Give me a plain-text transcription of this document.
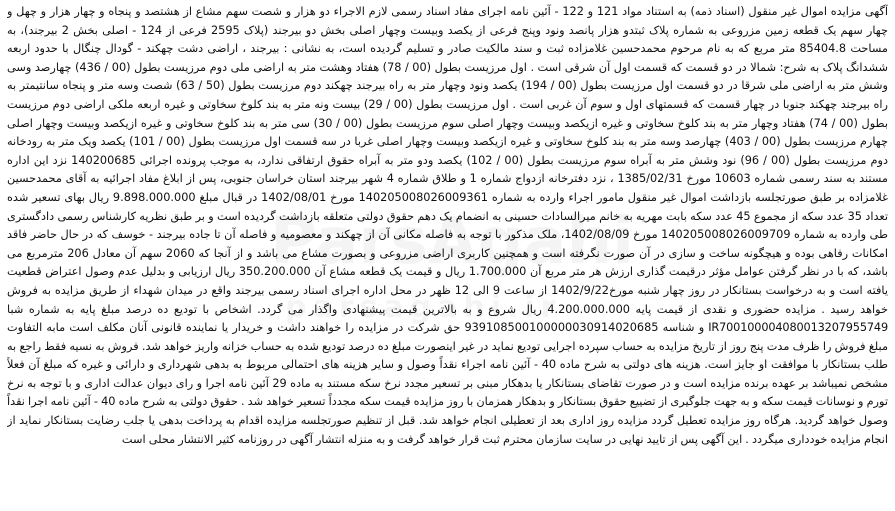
آگهی مزایده اموال غیر منقول (اسناد ذمه) به استناد مواد 121 و 122 - آئین نامه اجرای مفاد اسناد رسمی لازم الاجراء دو هزار و شصت سهم مشاع از هشتصد و پنجاه و چهار هزار و چهل و چهار سهم یک قطعه زمین مزروعی به شماره پلاک ثبتدو هزار پانصد ونود وپنج فرعی از یکصد وبیست وچهار اصلی بخش دو بیرجند (پلاک 2595 فرعی از 124 - اصلی بخش 2 بیرجند)، به مساحت 85404.8 متر مربع که به نام مرحوم محمدحسین غلامزاده ثبت و سند مالکیت صادر و تسلیم گردیده است، به نشانی : بیرجند ، اراضی دشت چهکند - گودال چنگال با حدود اربعه ششدانگ پلاک به شرح: شمالا در دو قسمت که قسمت اول آن شرقی است . اول مرزیست بطول (00 / 78) هفتاد وهشت متر به اراضی ملی دوم مرزیست بطول (00 / 436) چهارصد وسی وشش متر به اراضی ملی شرقا در دو قسمت اول مرزیست بطول (00 / 194) یکصد ونود وچهار متر به راه بیرجند چهکند دوم مرزیست بطول (50 / 63) شصت وسه متر و پنجاه سانتیمتر به راه بیرجند چهکند جنوبا در چهار قسمت که قسمتهای اول و سوم آن غربی است . اول مرزیست بطول (00 / 29) بیست ونه متر به بند کلوخ سخاوتی و غیره اربعه ملکی اراضی دوم مرزیست بطول (00 / 74) هفتاد وچهار متر به بند کلوخ سخاوتی و غیره ازیکصد وبیست وچهار اصلی سوم مرزیست بطول (00 / 30) سی متر به بند کلوخ سخاوتی و غیره ازیکصد وبیست وچهار اصلی چهارم مرزیست بطول (00 / 403) چهارصد وسه متر به بند کلوخ سخاوتی و غیره ازیکصد وبیست وچهار اصلی غربا در سه قسمت اول مرزیست بطول (00 / 101) یکصد ویک متر به رودخانه دوم مرزیست بطول (00 / 96) نود وشش متر به آبراه سوم مرزیست بطول (00 / 102) یکصد ودو متر به آبراه حقوق ارتفاقی ندارد، به موجب پرونده اجرائی 140200685 نزد این اداره مستند به سند رسمی شماره 10603 مورخ 1385/02/31 ، نزد دفترخانه ازدواج شماره 1 و طلاق شماره 4 شهر بیرجند استان خراسان جنوبی، پس از ابلاغ مفاد اجرائیه به آقای محمدحسین غلامزاده بر طبق صورتجلسه بازداشت اموال غیر منقول مامور اجراء وارده به شماره 140205008026009361 مورخ 1402/08/01 در قبال مبلغ 9.898.000.000 ریال بهای تسعیر شده تعداد 35 عدد سکه از مجموع 45 عدد سکه بابت مهریه به خانم میرالسادات حسینی به انضمام یک دهم حقوق دولتی متعلقه بازداشت گردیده است و بر طبق نظریه کارشناس رسمی دادگستری طی وارده به شماره 140205008026009709 مورخ 1402/08/09، ملک مذکور با توجه به فاصله مکانی آن از چهکند و معصومیه و فاصله آن تا جاده بیرجند - خوسف که در حال حاضر فاقد امکانات رفاهی بوده و هیچگونه ساخت و سازی در آن صورت نگرفته است و همچنین کاربری اراضی مزروعی و بصورت مشاع می باشد و از آنجا که 2060 سهم آن معادل 206 مترمربع می باشد، که با در نظر گرفتن عوامل مؤثر درقیمت گذاری ارزش هر متر مربع آن 1.700.000 ریال و قیمت یک قطعه مشاع آن 350.200.000 ریال ارزیابی و بدلیل عدم وصول اعتراض قطعیت یافته است و به درخواست بستانکار در روز چهار شنبه مورخ1402/9/22 از ساعت 9 الی 12 ظهر در محل اداره اجرای اسناد رسمی بیرجند واقع در میدان شهداء از طریق مزایده به فروش خواهد رسید . مزایده حضوری و نقدی از قیمت پایه 4.200.000.000 ریال شروع و به بالاترین قیمت پیشنهادی واگذار می گردد. اشخاص با تودیع ده درصد مبلغ پایه به شماره شبا IR700100004080013207955749 و شناسه 939108500100000030914020685 حق شرکت در مزایده را خواهند داشت و خریدار یا نماینده قانونی آنان مکلف است مابه التفاوت مبلغ فروش را ظرف مدت پنج روز از تاریخ مزایده به حساب سپرده اجرایی تودیع نماید در غیر اینصورت مبلغ ده درصد تودیع شده به حساب خزانه واریز خواهد شد. فروش به نسیه فقط راجع به طلب بستانکار با موافقت او جایز است. هزینه های دولتی به شرح ماده 40 - آئین نامه اجراء نقداً وصول و سایر هزینه های احتمالی مربوط به بدهی شهرداری و دارائی و غیره که مبلغ آن فعلاً مشخص نمیباشد بر عهده برنده مزایده است و در صورت تقاضای بستانکار یا بدهکار مبنی بر تسعیر مجدد نرخ سکه مستند به ماده 29 آئین نامه اجرا و رای دیوان عدالت اداری و با توجه به نرخ تورم و نوسانات قیمت سکه و به جهت جلوگیری از تضییع حقوق بستانکار و بدهکار همزمان با روز مزایده قیمت سکه مجدداً تسعیر خواهد شد . حقوق دولتی به شرح ماده 40 - آئین نامه اجرا نقداً وصول خواهد گردید. هرگاه روز مزایده تعطیل گردد مزایده روز اداری بعد از تعطیلی انجام خواهد شد. قبل از تنظیم صورتجلسه مزایده اقدام به پرداخت بدهی یا جلب رضایت بستانکار نماید از انجام مزایده خودداری میگردد . این آگهی پس از تایید نهایی در سایت سازمان محترم ثبت قرار خواهد گرفت و به منزله انتشار آگهی در روزنامه کثیر الانتشار محلی است
